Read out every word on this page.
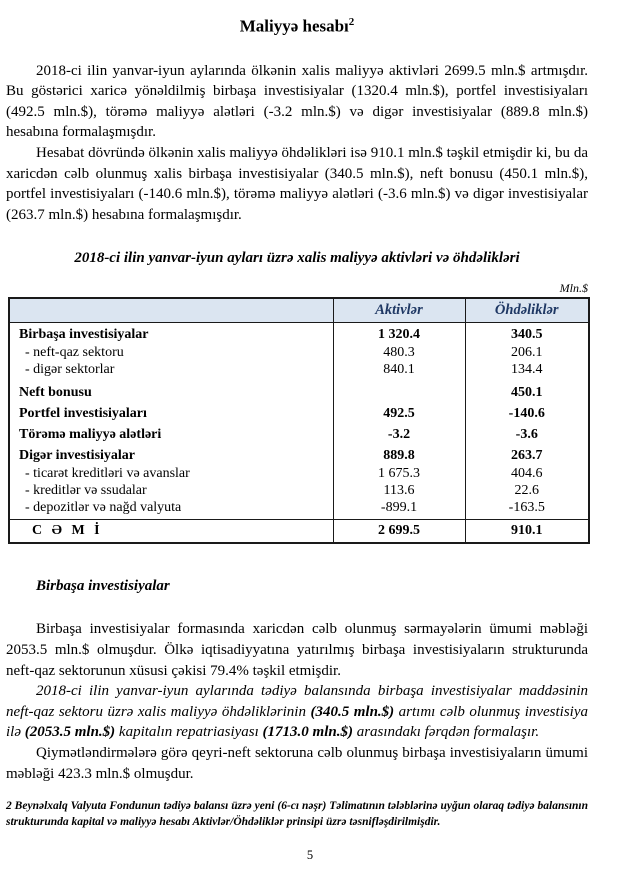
Maliyyə hesabı$^2$

2018-ci ilin yanvar-iyun aylarında ölkənin xalis maliyyə aktivləri 2699.5 mln.$ artmışdır. Bu göstərici xaricə yönəldilmiş birbaşa investisiyalar (1320.4 mln.$), portfel investisiyaları (492.5 mln.$), törəmə maliyyə alətləri (-3.2 mln.$) və digər investisiyalar (889.8 mln.$) hesabına formalaşmışdır.

Hesabat dövründə ölkənin xalis maliyyə öhdəlikləri isə 910.1 mln.$ təşkil etmişdir ki, bu da xaricdən cəlb olunmuş xalis birbaşa investisiyalar (340.5 mln.$), neft bonusu (450.1 mln.$), portfel investisiyaları (-140.6 mln.$), törəmə maliyyə alətləri (-3.6 mln.$) və digər investisiyalar (263.7 mln.$) hesabına formalaşmışdır.

2018-ci ilin yanvar-iyun ayları üzrə xalis maliyyə aktivləri və öhdəlikləri
Mln.$
	Aktivlər	Öhdəliklər
Birbaşa investisiyalar	1 320.4	340.5
- neft-qaz sektoru	480.3	206.1
- digər sektorlar	840.1	134.4
Neft bonusu		450.1
Portfel investisiyaları	492.5	-140.6
Törəmə maliyyə alətləri	-3.2	-3.6
Digər investisiyalar	889.8	263.7
- ticarət kreditləri və avanslar	1 675.3	404.6
- kreditlər və ssudalar	113.6	22.6
- depozitlər və nağd valyuta	-899.1	-163.5
C Ə M İ	2 699.5	910.1
Birbaşa investisiyalar

Birbaşa investisiyalar formasında xaricdən cəlb olunmuş sərmayələrin ümumi məbləği 2053.5 mln.$ olmuşdur. Ölkə iqtisadiyyatına yatırılmış birbaşa investisiyaların strukturunda neft-qaz sektorunun xüsusi çəkisi 79.4% təşkil etmişdir.

2018-ci ilin yanvar-iyun aylarında tədiyə balansında birbaşa investisiyalar maddəsinin neft-qaz sektoru üzrə xalis maliyyə öhdəliklərinin (340.5 mln.$) artımı cəlb olunmuş investisiya ilə (2053.5 mln.$) kapitalın repatriasiyası (1713.0 mln.$) arasındakı fərqdən formalaşır.

Qiymətləndirmələrə görə qeyri-neft sektoruna cəlb olunmuş birbaşa investisiyaların ümumi məbləği 423.3 mln.$ olmuşdur.

2 Beynəlxalq Valyuta Fondunun tədiyə balansı üzrə yeni (6-cı nəşr) Təlimatının tələblərinə uyğun olaraq tədiyə balansının strukturunda kapital və maliyyə hesabı Aktivlər/Öhdəliklər prinsipi üzrə təsnifləşdirilmişdir.
5
